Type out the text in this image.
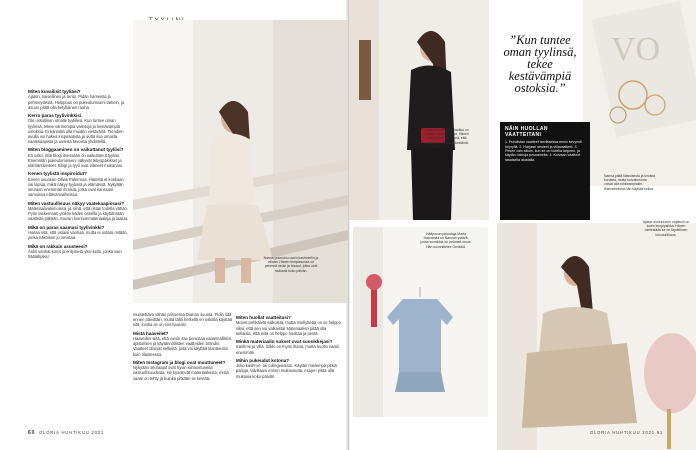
Miten kuvailisit tyyliäsi?

Ajaton, naisellinen ja rento. Pidän hameista ja pehmeydestä. Helppous on pukeutumiseni tärkein, ja asuun pitää olla tietyllainen rauha.

Kerro paras tyylivinkkisi.

Ole uskollinen omalle tyylillesi. Kun tuntee oman tyylinsä, tekee varmempia valintoja ja kestävämpiä ostoksia. Ei kannata olla muiden vietävänä. Trendien avulla voi hakea inspiraatiota ja uutta ilua omasta vaatekaapista ja uusista tavoista yhdistellä.

Miten bloggaaminen on vaikuttanut tyyliisi?

En usko, että blogi itsessään on vaikuttanut tyyliini. Enemmän pukeutumiseeni näkyvät äitiyspakikset ja elämäntilanteet. Blogi ja tyyli ovat eläneet mukanani.

Kenen tyylistä inspiroidut?

Ennen seurasin Olivia Palermoa. Häneltä et koskaan sai lapsia, mikä näkyy tyylissä ja elämässä. Nykyään seuraan enemmän ihmisiä, jotka ovat kanssani samoissa elämänvaiheissa.

Miten vastuullisuus näkyy vaatekaapissasi?

Materiaalivalinnoissa, ja siinä, että ostan todella vähän. Pyrin laskemaan ylöliön käden ostoilla ja käyttämään vaatteita pitkään. Suosin luonnonmateriaaleja ja laatua.

Mikä on paras saamasi tyylivinkki?

Hoitaa sitä, että ostaisi vanhaa, mutta ei ostaisi mitään, jonka näköisen jo omistaa.

Mikä on rakkain asusteesi?

Äidin vanhat korut ja erityisesti yksi kello, jonka sain häälahjaksi.	Nanna pukeutuu usein kashmirfiin ja villaan. Hänen lempiasunsa on pehmeä neule ja housut, jotka ovat mukavia koko päivän.

muistettava vähän prinsessa Dianan suunta. Pidin sitä ennen päivittäin, mutta tällä hetkellä en uskalla käyttää sitä, koska se on niin haurasr.

Mistä haaveilet?

Haaveilen siitä, että voisin itse perustaa vaatemallisen, ajattomien ja käytännöllisten vaatteiden brändin. Vaatteet olisivat selkeitä, joita voi käyttää tilanteessa kuin tilanteessa.

Miten Instagram ja blogi ovat muuttuneet?

Nykyään seuraajat ovat hyvin kiinnostuneita vastuullisuudesta. He kyselevät materiaaleista, mistä vaate on tehty ja kuinka pitkään se kestää.

Miten huollat vaatteitasi?

Monet pehkäivät valkoista, mutta miellytteää on se helppo siksi, että sen voi valkaista! Materiaalien pitää olla sellaisia, että niitä on helppo huoltaa ja pestä.

Minkä materiaalin sukset ovat suosikkejasi?

Kashmir ja villa. Silkki on myös ihana, mutta huolto vaatii enemmän.

Mihin pukeudut kotona?

Joko kashmir- tai collegeasuun. Käytän mielempä pitkiä paitoja, talvikausi ennen mukavuutta. Asujen pitää olla mukavia koko päivän.

Chanelin pienempi laukku on kuinari ostetty elänne. Hänen mielestään on tärkeä, että kuosit ja materiaalit kestävät.
”Kun tuntee oman tyylinsä, tekee kestävämpiä ostoksia.”
VO
Nanna pitää klassisesta ja siroista koruista, mutta korvakoruina voivat olla rohkeampiakin. Rannekellona hän käyttää kelloa.
NÄIN HUOLLAN VAATTEITANI
1. Puhdistan vaatteet tarvittaessa ensin kevyesti höyryllä. 2. Harjaan neuleet ja villavaatteet. 3. Pesen vain silloin, kun se on todella tarpeen, ja käytän mietoja pesuaineita. 4. Kuivaan vaatteet tasaisella alustalla.
Hääpuvun perustaja Marta Hatonmaa on Nannan ystävä, jonka suosikkia on pehmeä neule. Hän suunnittelee Oerikkiä.
Ajaton olohuoneen nojatuoli on kodin lempipaikka. Hänen mielestään se on täydellinen lukunurkkaus.
60 GLORIA HUHTIKUU 2021	GLORIA HUHTIKUU 2021 61
